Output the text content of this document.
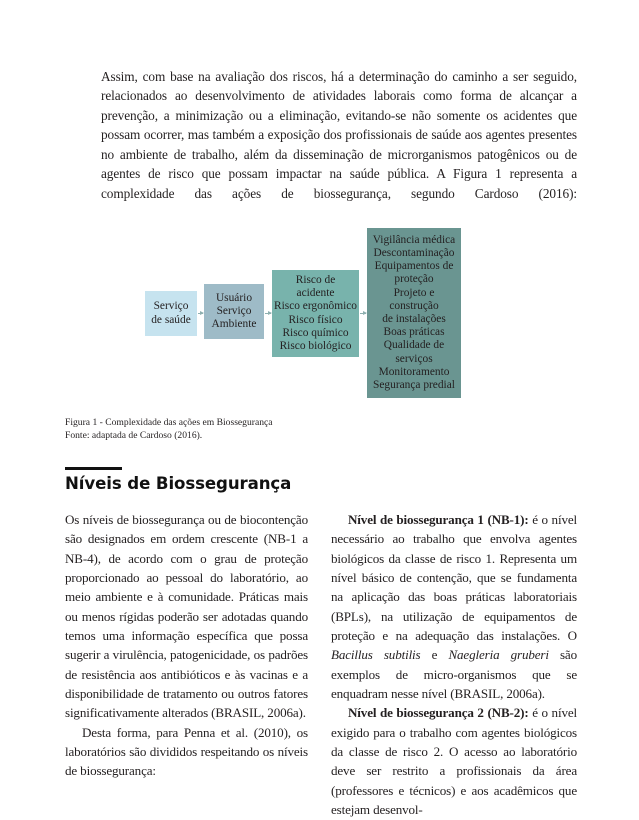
Assim, com base na avaliação dos riscos, há a determinação do caminho a ser seguido, relacionados ao desenvolvimento de atividades laborais como forma de alcançar a prevenção, a minimização ou a eliminação, evitando-se não somente os acidentes que possam ocorrer, mas também a exposição dos profissionais de saúde aos agentes presentes no ambiente de trabalho, além da disseminação de microrganismos patogênicos ou de agentes de risco que possam impactar na saúde pública. A Figura 1 representa a complexidade das ações de biossegurança, segundo Cardoso (2016):

Serviço
de saúde
Usuário
Serviço
Ambiente
Risco de
acidente
Risco ergonômico
Risco físico
Risco químico
Risco biológico
Vigilância médica
Descontaminação
Equipamentos de
proteção
Projeto e
construção
de instalações
Boas práticas
Qualidade de
serviços
Monitoramento
Segurança predial
Figura 1 - Complexidade das ações em Biossegurança
Fonte: adaptada de Cardoso (2016).
Níveis de Biossegurança

Os níveis de biossegurança ou de biocontenção são designados em ordem crescente (NB-1 a NB-4), de acordo com o grau de proteção proporcionado ao pessoal do laboratório, ao meio ambiente e à comunidade. Práticas mais ou menos rígidas poderão ser adotadas quando temos uma informação específica que possa sugerir a virulência, patogenicidade, os padrões de resistência aos antibióticos e às vacinas e a disponibilidade de tratamento ou outros fatores significativamente alterados (BRASIL, 2006a).

Desta forma, para Penna et al. (2010), os laboratórios são divididos respeitando os níveis de biossegurança:

Nível de biossegurança 1 (NB-1): é o nível necessário ao trabalho que envolva agentes biológicos da classe de risco 1. Representa um nível básico de contenção, que se fundamenta na aplicação das boas práticas laboratoriais (BPLs), na utilização de equipamentos de proteção e na adequação das instalações. O Bacillus subtilis e Naegleria gruberi são exemplos de micro-organismos que se enquadram nesse nível (BRASIL, 2006a).

Nível de biossegurança 2 (NB-2): é o nível exigido para o trabalho com agentes biológicos da classe de risco 2. O acesso ao laboratório deve ser restrito a profissionais da área (professores e técnicos) e aos acadêmicos que estejam desenvol-
